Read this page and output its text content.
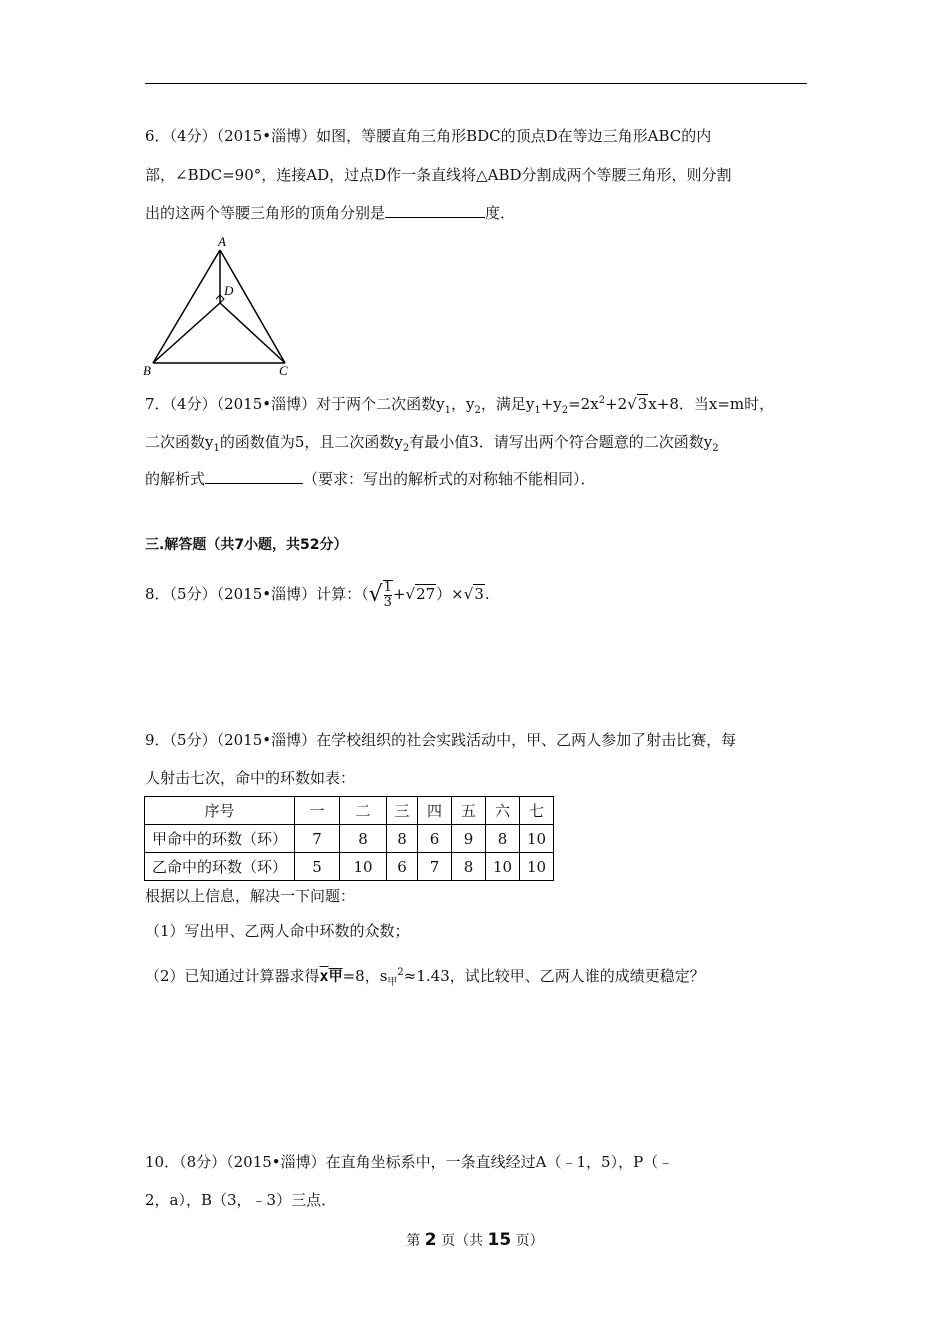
6．（4分）（2015•淄博）如图，等腰直角三角形BDC的顶点D在等边三角形ABC的内
部，∠BDC=90°，连接AD，过点D作一条直线将△ABD分割成两个等腰三角形，则分割
出的这两个等腰三角形的顶角分别是	度．
A
D
B	C
7．（4分）（2015•淄博）对于两个二次函数$y_1$，$y_2$，满足$y_1+y_2=2x^2+2√3x+8$．当x=m时，
二次函数$y_1$的函数值为5，且二次函数$y_2$有最小值3．请写出两个符合题意的二次函数$y_2$
的解析式	（要求：写出的解析式的对称轴不能相同）．
三.解答题（共7小题，共52分）
8．（5分）（2015•淄博）计算：（√ $\frac{1}{3} +√27)\times√3$.
9．（5分）（2015•淄博）在学校组织的社会实践活动中，甲、乙两人参加了射击比赛，每
人射击七次，命中的环数如表：
序号	一	二	三	四	五	六	七
甲命中的环数（环）	7	8	8	6	9	8	10
乙命中的环数（环）	5	10	6	7	8	10	10
根据以上信息，解决一下问题：
（1）写出甲、乙两人命中环数的众数；
（2）已知通过计算器求得x甲=8，$s_甲^2\approx 1.43$，试比较甲、乙两人谁的成绩更稳定？
10．（8分）（2015•淄博）在直角坐标系中，一条直线经过A（﹣1，5），P（﹣
2，a），B（3，﹣3）三点．
第 2 页（共 15 页）
